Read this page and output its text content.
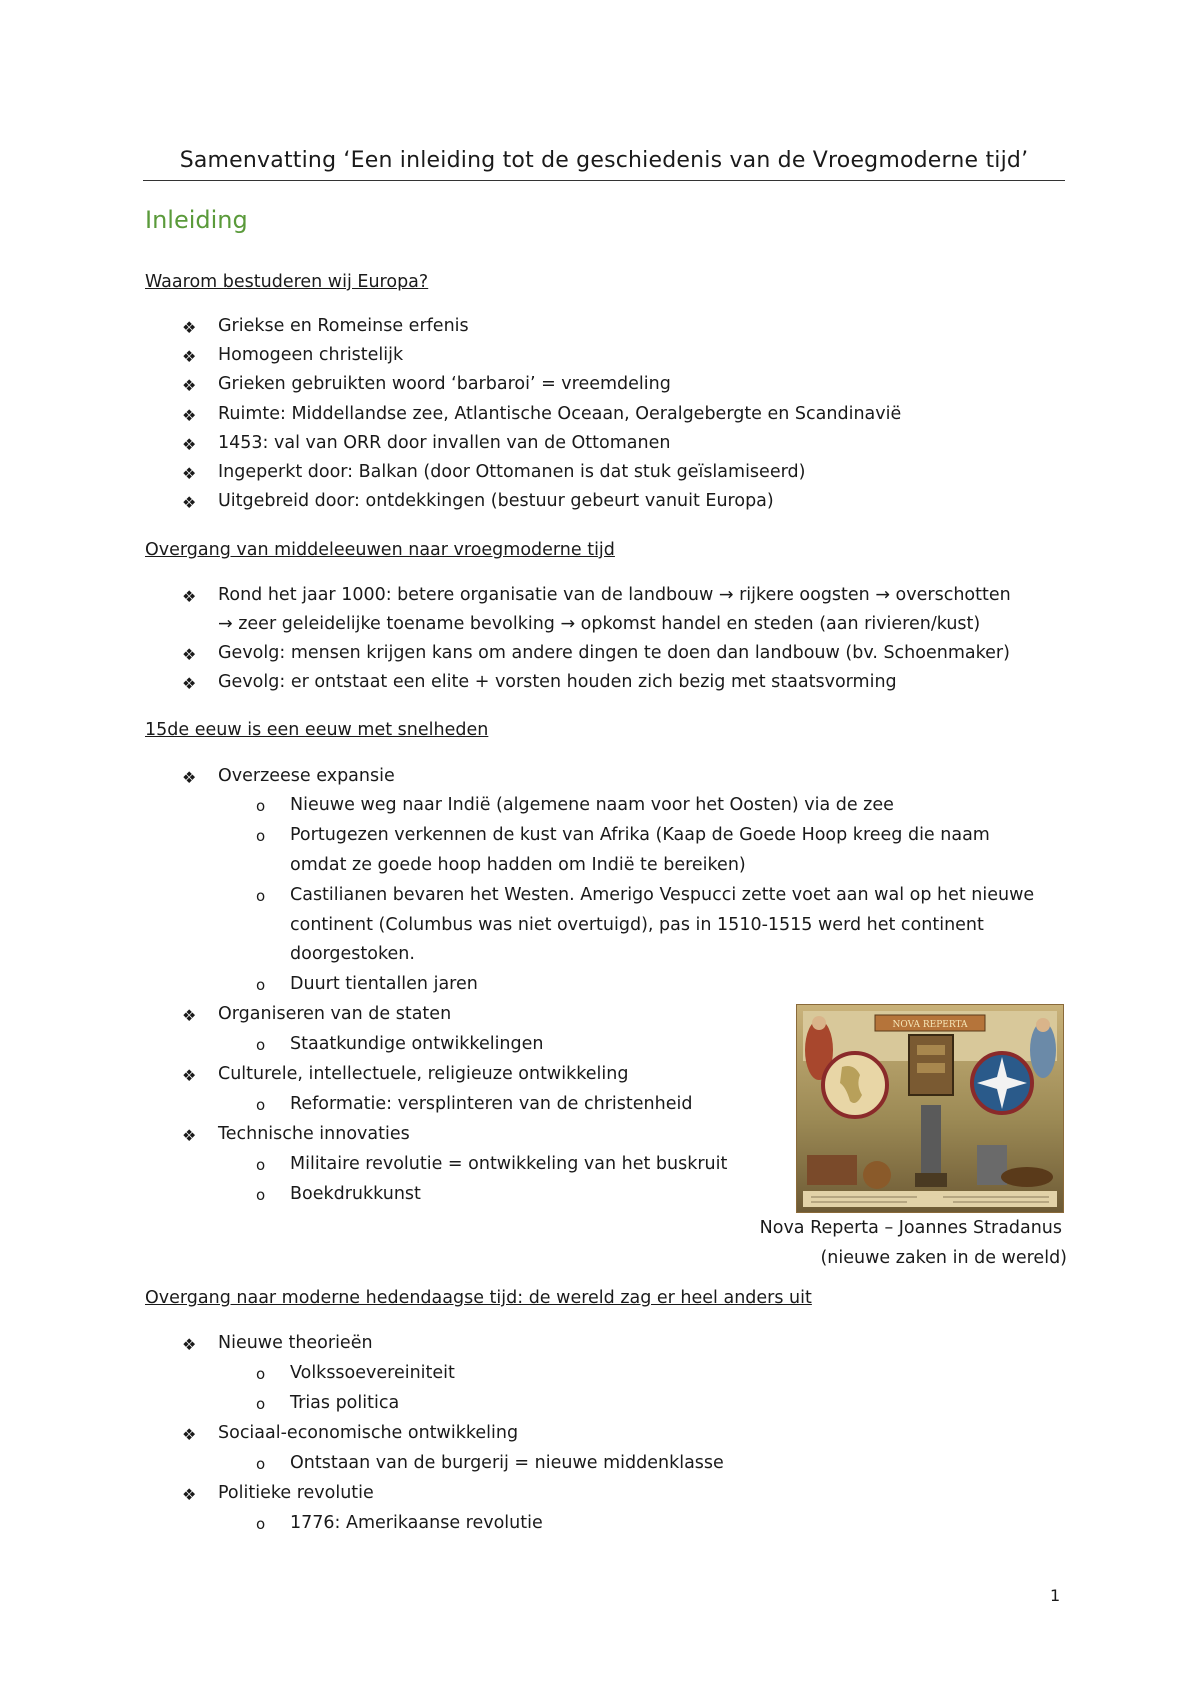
Samenvatting ‘Een inleiding tot de geschiedenis van de Vroegmoderne tijd’
Inleiding
Waarom bestuderen wij Europa?
❖ Griekse en Romeinse erfenis
❖ Homogeen christelijk
❖ Grieken gebruikten woord ‘barbaroi’ = vreemdeling
❖ Ruimte: Middellandse zee, Atlantische Oceaan, Oeralgebergte en Scandinavië
❖ 1453: val van ORR door invallen van de Ottomanen
❖ Ingeperkt door: Balkan (door Ottomanen is dat stuk geïslamiseerd)
❖ Uitgebreid door: ontdekkingen (bestuur gebeurt vanuit Europa)
Overgang van middeleeuwen naar vroegmoderne tijd
❖ Rond het jaar 1000: betere organisatie van de landbouw → rijkere oogsten → overschotten
→ zeer geleidelijke toename bevolking → opkomst handel en steden (aan rivieren/kust)
❖ Gevolg: mensen krijgen kans om andere dingen te doen dan landbouw (bv. Schoenmaker)
❖ Gevolg: er ontstaat een elite + vorsten houden zich bezig met staatsvorming
15de eeuw is een eeuw met snelheden
❖ Overzeese expansie
o Nieuwe weg naar Indië (algemene naam voor het Oosten) via de zee
o Portugezen verkennen de kust van Afrika (Kaap de Goede Hoop kreeg die naam
omdat ze goede hoop hadden om Indië te bereiken)
o Castilianen bevaren het Westen. Amerigo Vespucci zette voet aan wal op het nieuwe
continent (Columbus was niet overtuigd), pas in 1510-1515 werd het continent
doorgestoken.
o Duurt tientallen jaren
❖ Organiseren van de staten
o Staatkundige ontwikkelingen
❖ Culturele, intellectuele, religieuze ontwikkeling
o Reformatie: versplinteren van de christenheid
❖ Technische innovaties
o Militaire revolutie = ontwikkeling van het buskruit
o Boekdrukkunst
NOVA REPERTA
Nova Reperta – Joannes Stradanus
(nieuwe zaken in de wereld)
Overgang naar moderne hedendaagse tijd: de wereld zag er heel anders uit
❖ Nieuwe theorieën
o Volkssoevereiniteit
o Trias politica
❖ Sociaal-economische ontwikkeling
o Ontstaan van de burgerij = nieuwe middenklasse
❖ Politieke revolutie
o 1776: Amerikaanse revolutie
1
